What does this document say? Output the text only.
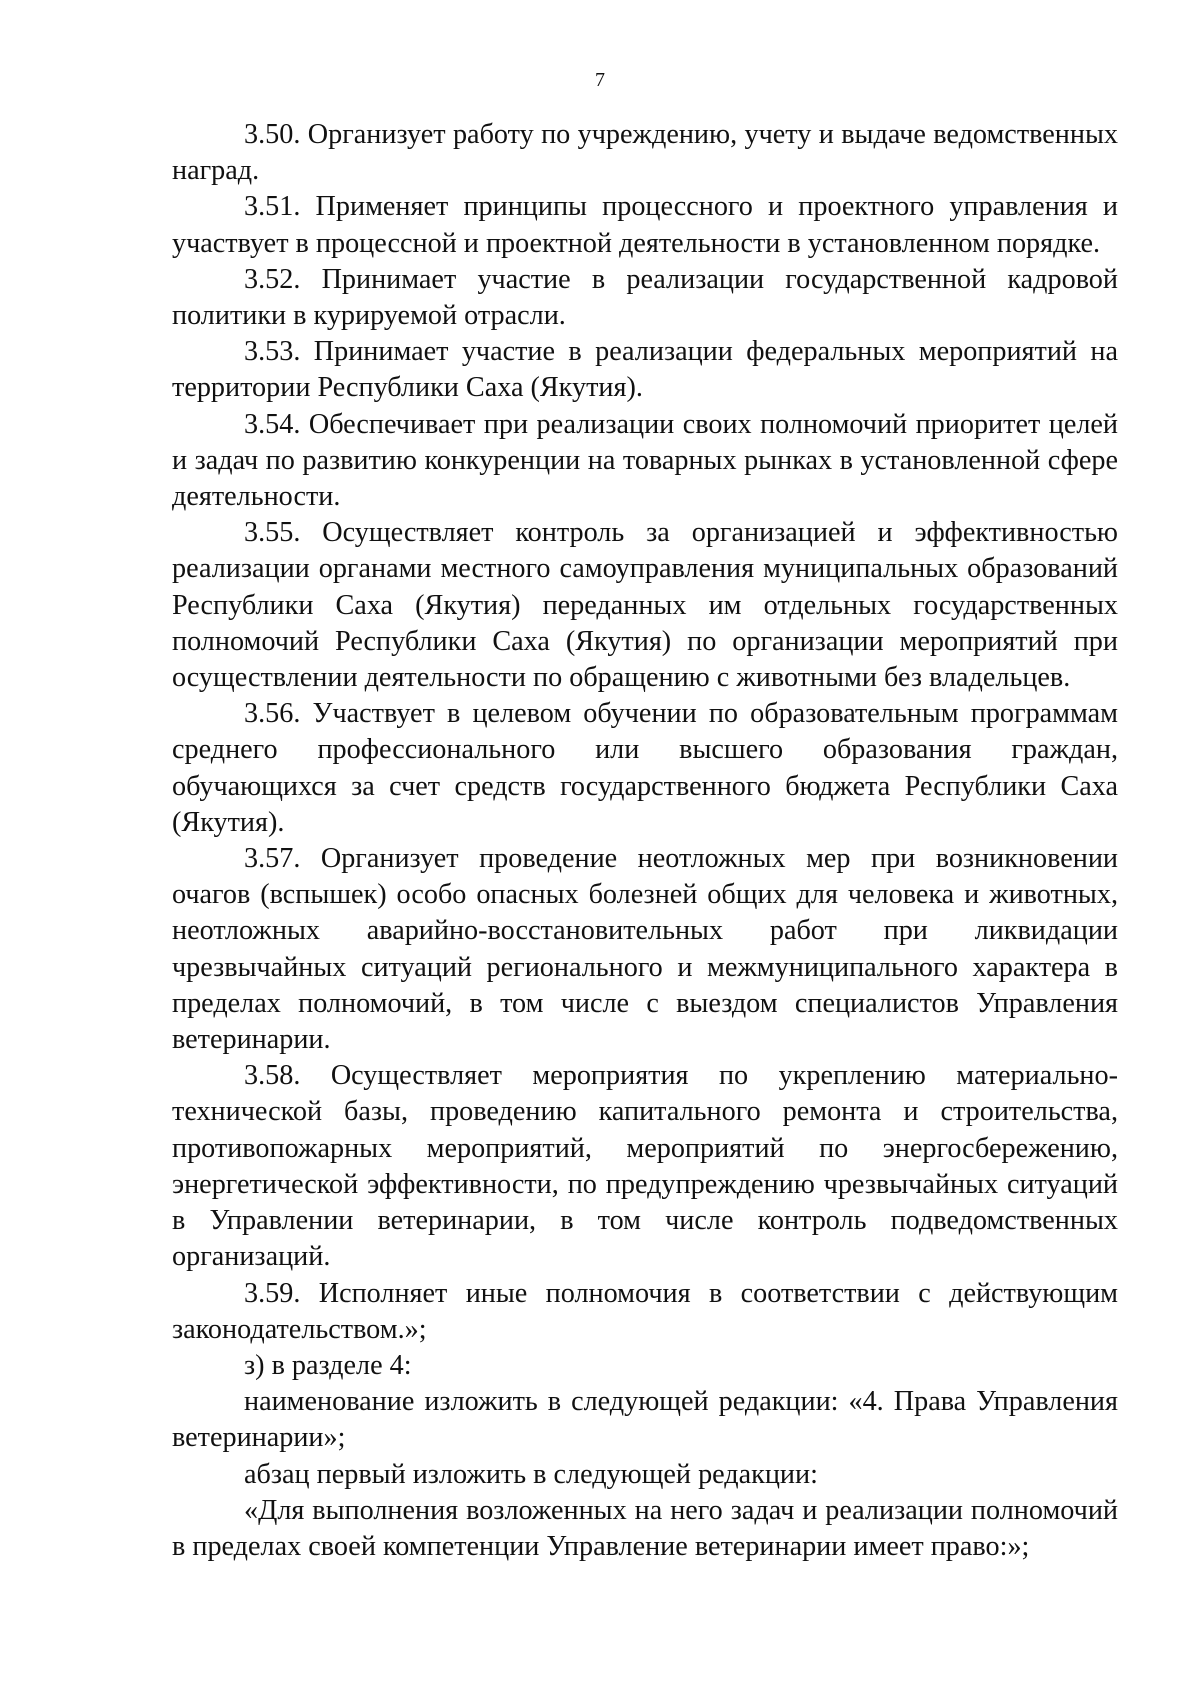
7

3.50. Организует работу по учреждению, учету и выдаче ведомственных наград.

3.51. Применяет принципы процессного и проектного управления и участвует в процессной и проектной деятельности в установленном порядке.

3.52. Принимает участие в реализации государственной кадровой политики в курируемой отрасли.

3.53. Принимает участие в реализации федеральных мероприятий на территории Республики Саха (Якутия).

3.54. Обеспечивает при реализации своих полномочий приоритет целей и задач по развитию конкуренции на товарных рынках в установленной сфере деятельности.

3.55. Осуществляет контроль за организацией и эффективностью реализации органами местного самоуправления муниципальных образований Республики Саха (Якутия) переданных им отдельных государственных полномочий Республики Саха (Якутия) по организации мероприятий при осуществлении деятельности по обращению с животными без владельцев.

3.56. Участвует в целевом обучении по образовательным программам среднего профессионального или высшего образования граждан, обучающихся за счет средств государственного бюджета Республики Саха (Якутия).

3.57. Организует проведение неотложных мер при возникновении очагов (вспышек) особо опасных болезней общих для человека и животных, неотложных аварийно-восстановительных работ при ликвидации чрезвычайных ситуаций регионального и межмуниципального характера в пределах полномочий, в том числе с выездом специалистов Управления ветеринарии.

3.58. Осуществляет мероприятия по укреплению материально-технической базы, проведению капитального ремонта и строительства, противопожарных мероприятий, мероприятий по энергосбережению, энергетической эффективности, по предупреждению чрезвычайных ситуаций в Управлении ветеринарии, в том числе контроль подведомственных организаций.

3.59. Исполняет иные полномочия в соответствии с действующим законодательством.»;

з) в разделе 4:

наименование изложить в следующей редакции: «4. Права Управления ветеринарии»;

абзац первый изложить в следующей редакции:

«Для выполнения возложенных на него задач и реализации полномочий в пределах своей компетенции Управление ветеринарии имеет право:»;
